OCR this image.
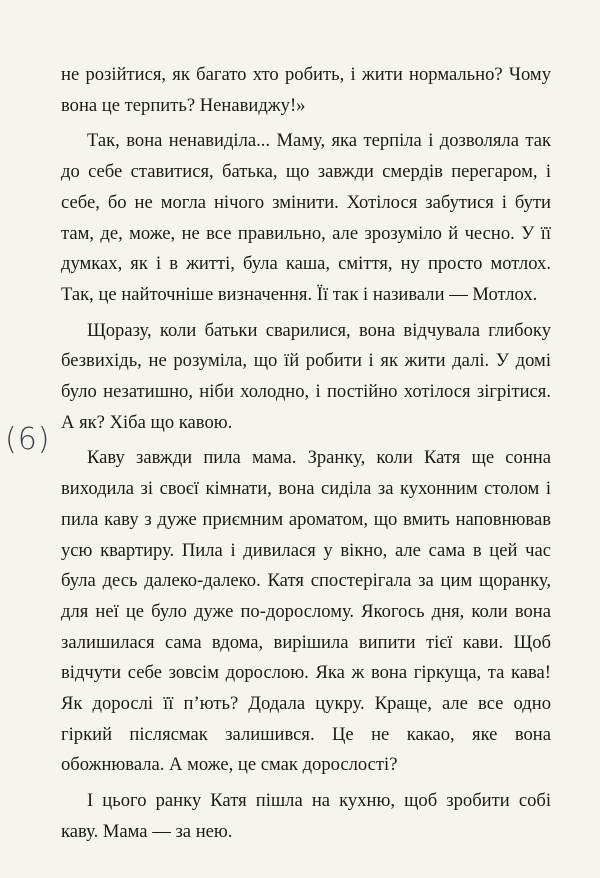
не розійтися, як багато хто робить, і жити нормально? Чому вона це терпить? Ненавиджу!»

Так, вона ненавиділа... Маму, яка терпіла і дозволяла так до себе ставитися, батька, що завжди смердів перегаром, і себе, бо не могла нічого змінити. Хотілося забутися і бути там, де, може, не все правильно, але зрозуміло й чесно. У її думках, як і в житті, була каша, сміття, ну просто мотлох. Так, це найточніше визначення. Її так і називали — Мотлох.

Щоразу, коли батьки сварилися, вона відчувала глибоку безвихідь, не розуміла, що їй робити і як жити далі. У домі було незатишно, ніби холодно, і постійно хотілося зігрітися. А як? Хіба що кавою.

Каву завжди пила мама. Зранку, коли Катя ще сонна виходила зі своєї кімнати, вона сиділа за кухонним столом і пила каву з дуже приємним ароматом, що вмить наповнював усю квартиру. Пила і дивилася у вікно, але сама в цей час була десь далеко-далеко. Катя спостерігала за цим щоранку, для неї це було дуже по-дорослому. Якогось дня, коли вона залишилася сама вдома, вирішила випити тієї кави. Щоб відчути себе зовсім дорослою. Яка ж вона гіркуща, та кава! Як дорослі її п’ють? Додала цукру. Краще, але все одно гіркий післясмак залишився. Це не какао, яке вона обожнювала. А може, це смак дорослості?

І цього ранку Катя пішла на кухню, щоб зробити собі каву. Мама — за нею.

(6)
